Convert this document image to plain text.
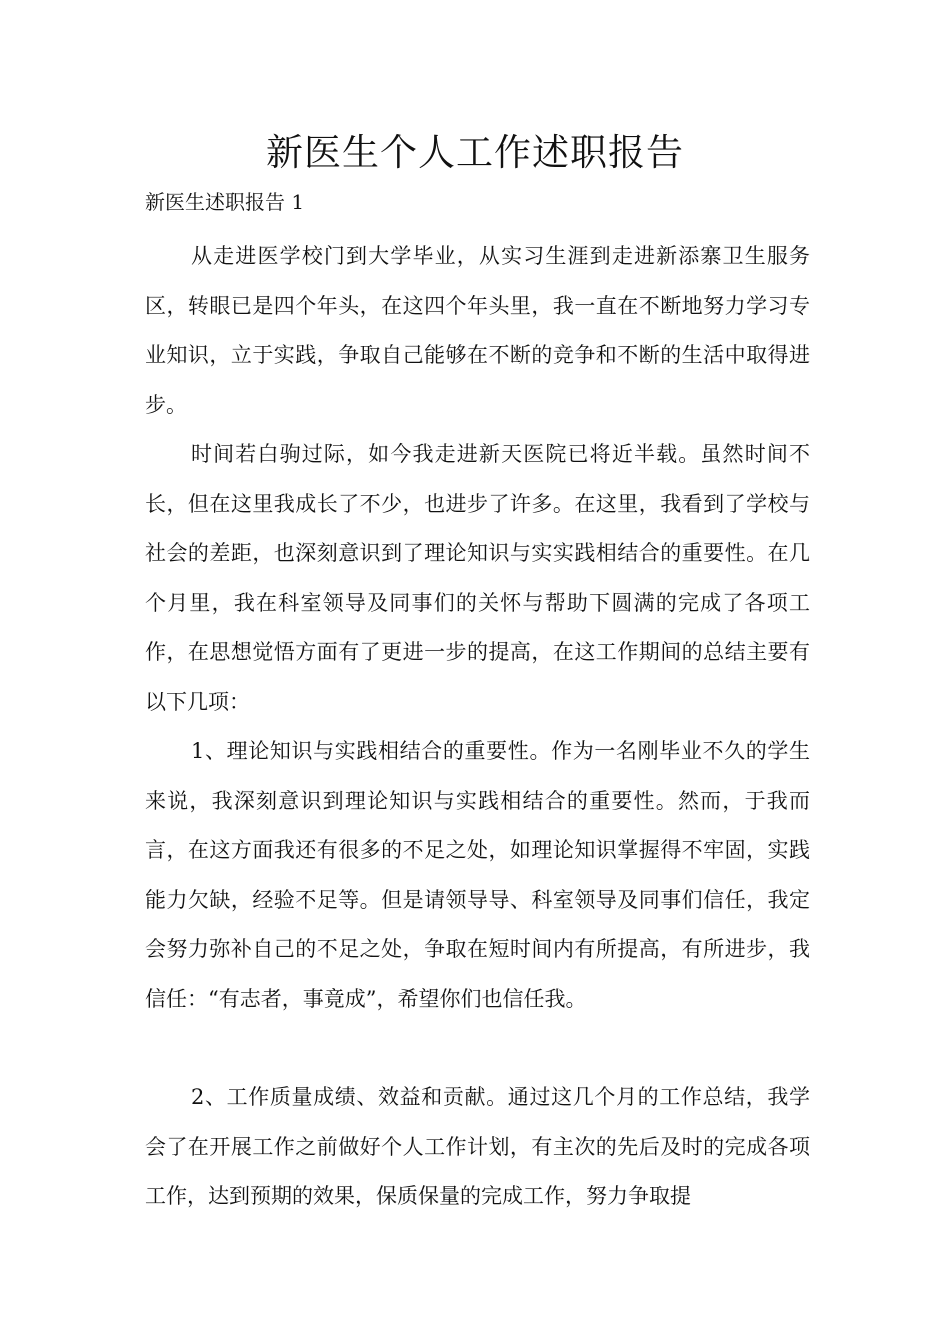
新医生个人工作述职报告

新医生述职报告 1

从走进医学校门到大学毕业，从实习生涯到走进新添寨卫生服务区，转眼已是四个年头，在这四个年头里，我一直在不断地努力学习专业知识，立于实践，争取自己能够在不断的竞争和不断的生活中取得进步。

时间若白驹过际，如今我走进新天医院已将近半载。虽然时间不长，但在这里我成长了不少，也进步了许多。在这里，我看到了学校与社会的差距，也深刻意识到了理论知识与实实践相结合的重要性。在几个月里，我在科室领导及同事们的关怀与帮助下圆满的完成了各项工作，在思想觉悟方面有了更进一步的提高，在这工作期间的总结主要有以下几项：

1、理论知识与实践相结合的重要性。作为一名刚毕业不久的学生来说，我深刻意识到理论知识与实践相结合的重要性。然而，于我而言，在这方面我还有很多的不足之处，如理论知识掌握得不牢固，实践能力欠缺，经验不足等。但是请领导导、科室领导及同事们信任，我定会努力弥补自己的不足之处，争取在短时间内有所提高，有所进步，我信任：“有志者，事竟成”，希望你们也信任我。

2、工作质量成绩、效益和贡献。通过这几个月的工作总结，我学会了在开展工作之前做好个人工作计划，有主次的先后及时的完成各项工作，达到预期的效果，保质保量的完成工作，努力争取提
